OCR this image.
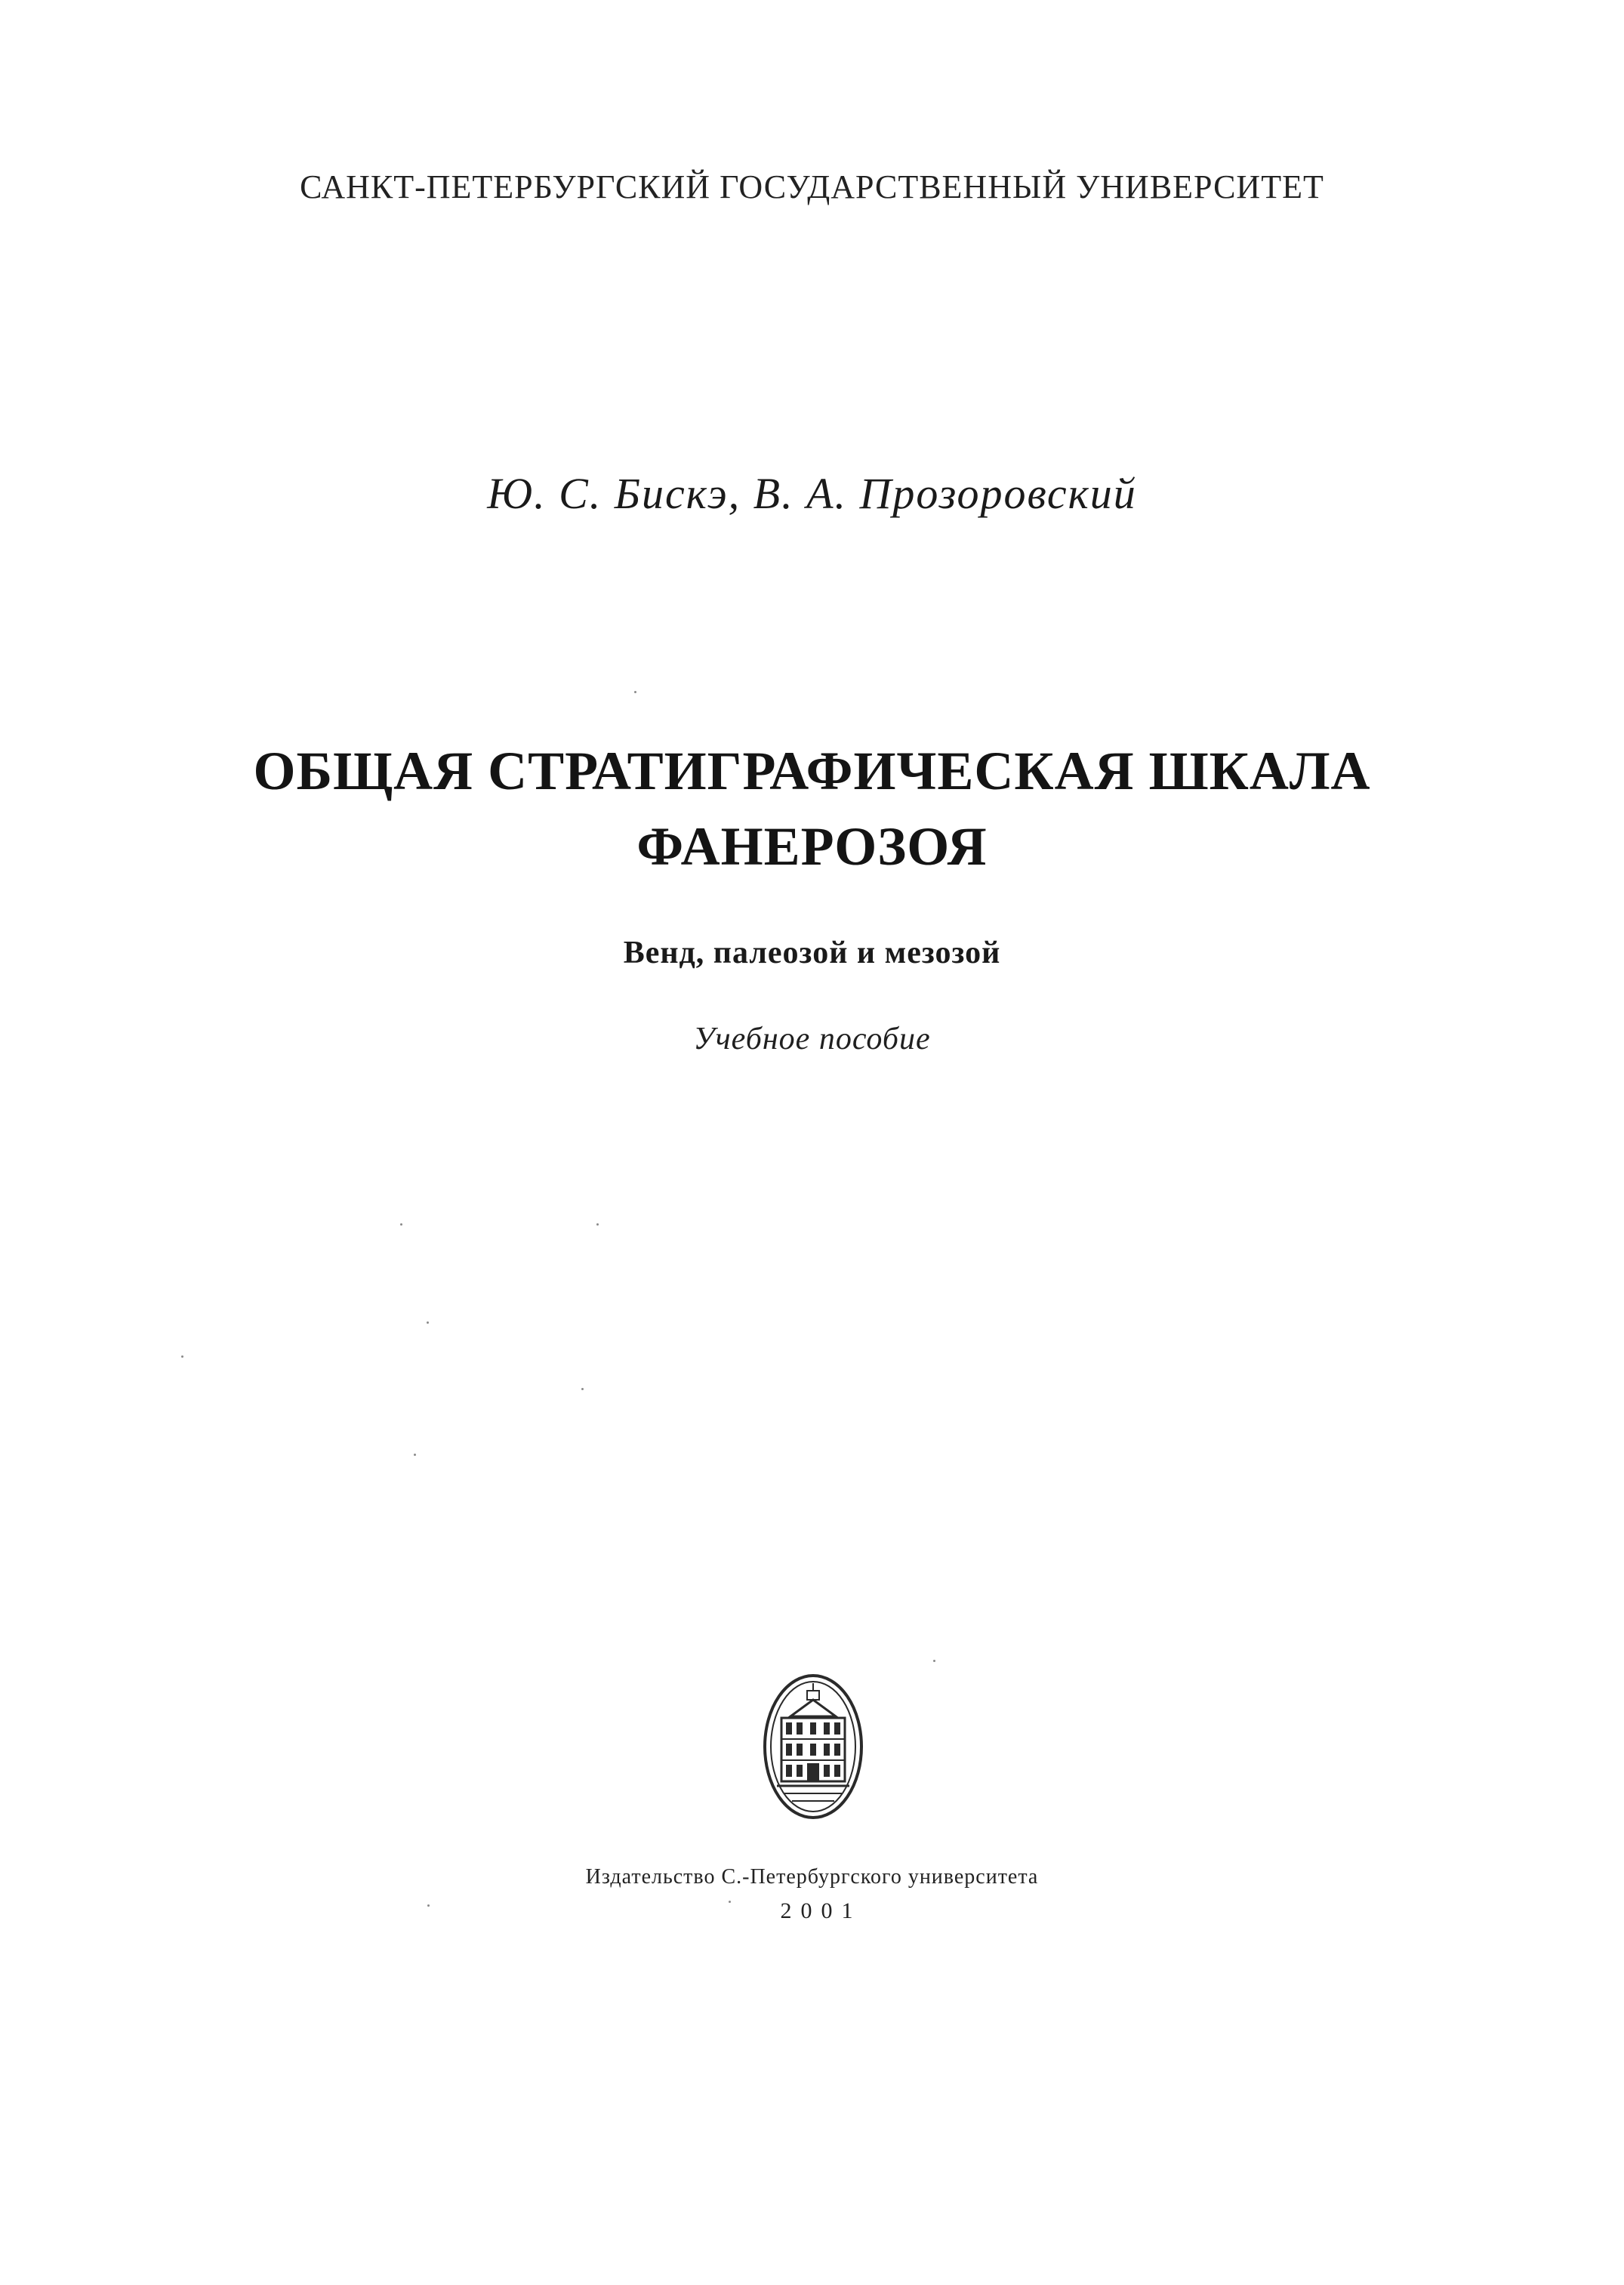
САНКТ-ПЕТЕРБУРГСКИЙ ГОСУДАРСТВЕННЫЙ УНИВЕРСИТЕТ
Ю. С. Бискэ, В. А. Прозоровский
ОБЩАЯ СТРАТИГРАФИЧЕСКАЯ ШКАЛА
ФАНЕРОЗОЯ
Венд, палеозой и мезозой
Учебное пособие
Издательство С.-Петербургского университета
2001
